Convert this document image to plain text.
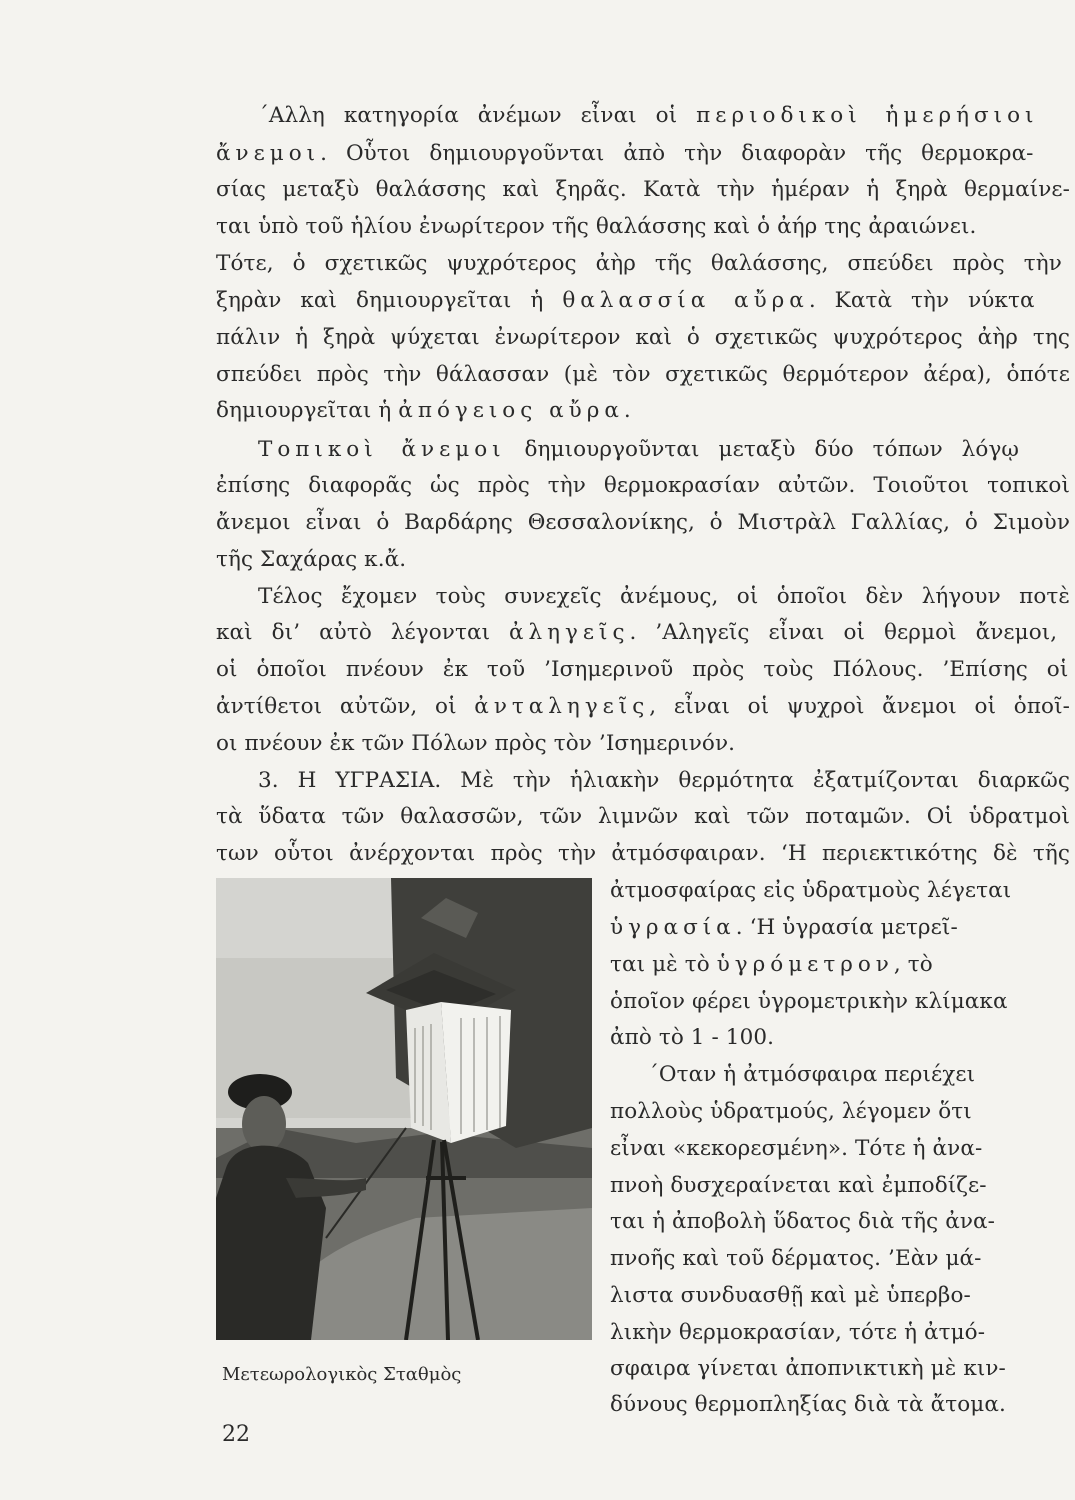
΄Αλλη κατηγορία ἀνέμων εἶναι οἱ περιοδικοὶ ἡμερήσιοι
ἄνεμοι. Οὗτοι δημιουργοῦνται ἀπὸ τὴν διαφορὰν τῆς θερμοκρα-
σίας μεταξὺ θαλάσσης καὶ ξηρᾶς. Κατὰ τὴν ἡμέραν ἡ ξηρὰ θερμαίνε-
ται ὑπὸ τοῦ ἡλίου ἐνωρίτερον τῆς θαλάσσης καὶ ὁ ἀήρ της ἀραιώνει.
Τότε, ὁ σχετικῶς ψυχρότερος ἀὴρ τῆς θαλάσσης, σπεύδει πρὸς τὴν
ξηρὰν καὶ δημιουργεῖται ἡ θαλασσία αὔρα. Κατὰ τὴν νύκτα
πάλιν ἡ ξηρὰ ψύχεται ἐνωρίτερον καὶ ὁ σχετικῶς ψυχρότερος ἀὴρ της
σπεύδει πρὸς τὴν θάλασσαν (μὲ τὸν σχετικῶς θερμότερον ἀέρα), ὁπότε
δημιουργεῖται ἡ ἀπόγειος αὔρα.
Τοπικοὶ ἄνεμοι δημιουργοῦνται μεταξὺ δύο τόπων λόγῳ
ἐπίσης διαφορᾶς ὡς πρὸς τὴν θερμοκρασίαν αὐτῶν. Τοιοῦτοι τοπικοὶ
ἄνεμοι εἶναι ὁ Βαρδάρης Θεσσαλονίκης, ὁ Μιστρὰλ Γαλλίας, ὁ Σιμοὺν
τῆς Σαχάρας κ.ἄ.
Τέλος ἔχομεν τοὺς συνεχεῖς ἀνέμους, οἱ ὁποῖοι δὲν λήγουν ποτὲ
καὶ δι’ αὐτὸ λέγονται ἀληγεῖς. ’Αληγεῖς εἶναι οἱ θερμοὶ ἄνεμοι,
οἱ ὁποῖοι πνέουν ἐκ τοῦ ’Ισημερινοῦ πρὸς τοὺς Πόλους. ’Επίσης οἱ
ἀντίθετοι αὐτῶν, οἱ ἀνταληγεῖς, εἶναι οἱ ψυχροὶ ἄνεμοι οἱ ὁποῖ-
οι πνέουν ἐκ τῶν Πόλων πρὸς τὸν ’Ισημερινόν.
3. Η ΥΓΡΑΣΙΑ. Μὲ τὴν ἡλιακὴν θερμότητα ἐξατμίζονται διαρκῶς
τὰ ὕδατα τῶν θαλασσῶν, τῶν λιμνῶν καὶ τῶν ποταμῶν. Οἱ ὑδρατμοὶ
των οὗτοι ἀνέρχονται πρὸς τὴν ἀτμόσφαιραν. ‘Η περιεκτικότης δὲ τῆς
ἀτμοσφαίρας εἰς ὑδρατμοὺς λέγεται
ὑγρασία. ‘Η ὑγρασία μετρεῖ-
ται μὲ τὸ ὑγρόμετρον, τὸ
ὁποῖον φέρει ὑγρομετρικὴν κλίμακα
ἀπὸ τὸ 1 - 100.
΄Οταν ἡ ἀτμόσφαιρα περιέχει
πολλοὺς ὑδρατμούς, λέγομεν ὅτι
εἶναι «κεκορεσμένη». Τότε ἡ ἀνα-
πνοὴ δυσχεραίνεται καὶ ἐμποδίζε-
ται ἡ ἀποβολὴ ὕδατος διὰ τῆς ἀνα-
πνοῆς καὶ τοῦ δέρματος. ’Εὰν μά-
λιστα συνδυασθῇ καὶ μὲ ὑπερβο-
λικὴν θερμοκρασίαν, τότε ἡ ἀτμό-
σφαιρα γίνεται ἀποπνικτικὴ μὲ κιν-
δύνους θερμοπληξίας διὰ τὰ ἄτομα.
Μετεωρολογικὸς Σταθμὸς
22
